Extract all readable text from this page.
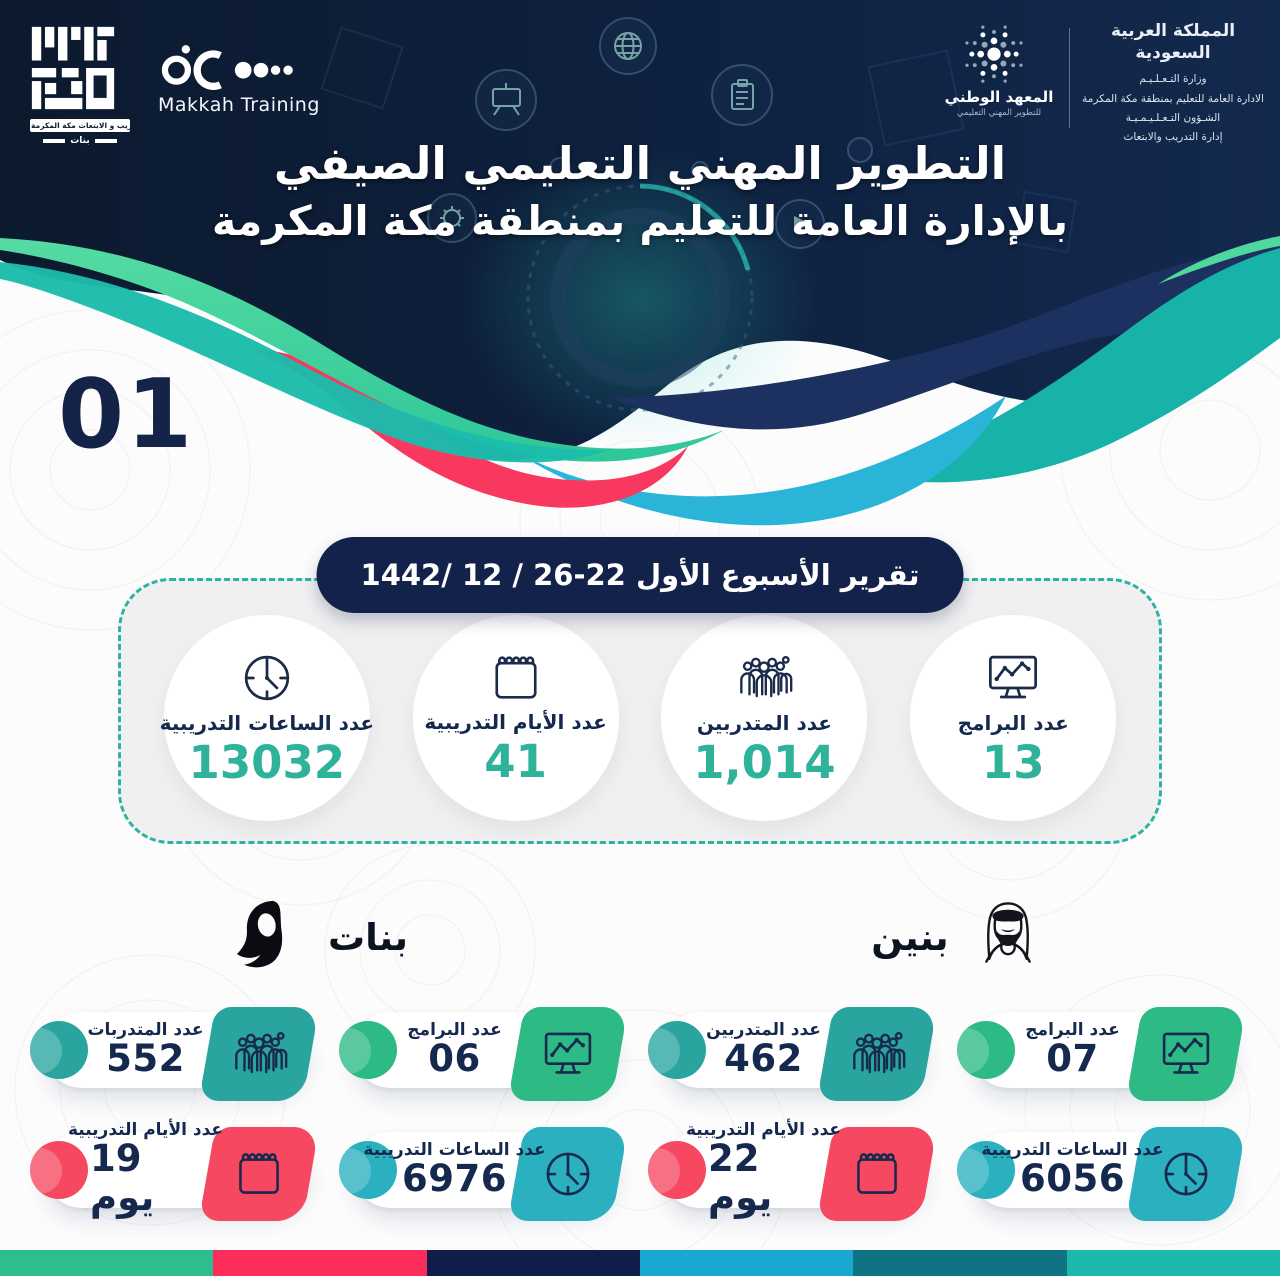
ادارة التدريب و الابتعاث مكة المكرمة
بنات
Makkah Training	المعهد الوطني
للتطوير المهني التعليمي
المملكة العربية السعودية
وزارة التـعـلـيـم
الادارة العامة للتعليم بمنطقة مكة المكرمة
الشـؤون التـعـلـيـمـيـة
إدارة التدريب والابتعاث
التطوير المهني التعليمي الصيفي
بالإدارة العامة للتعليم بمنطقة مكة المكرمة
01
تقرير الأسبوع الأول 22-26 / 12 /1442
عدد البرامج
13
عدد المتدربين
1,014
عدد الأيام التدريبية
41
عدد الساعات التدريبية
13032
بنات	بنين
عدد البرامج
07
عدد المتدربين
462
عدد البرامج
06
عدد المتدربات
552
عدد الساعات التدريبية
6056
عدد الأيام التدريبية
22 يوم
عدد الساعات التدريبية
6976
عدد الأيام التدريبية
19 يوم
